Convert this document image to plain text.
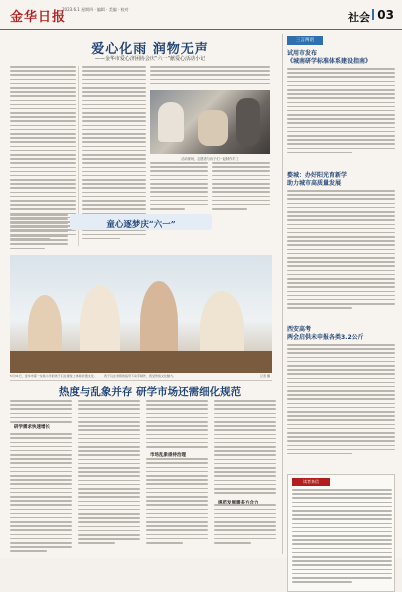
金华日报
2023.6.1 星期四 · 编辑 · 美编 · 校对
社会 03
爱心化雨 润物无声
——金华市爱心济困协会庆“六一”献爱心活动小记
活动现场，志愿者与孩子们一起制作手工
童心逐梦庆“六一”
5月31日，金华市第一实验小学的孩子们在课堂上体验非遗文化。	孩子们在老师的指导下动手制作，感受传统文化魅力。	记者 摄
热度与乱象并存 研学市场还需细化规范
研学需求快速增长
市场乱象亟待治理
三言两语
试用市发布
《城南研学标准体系建设指南》
婺城：办好阳光育新学
助力城市高质量发展
西安高考
两会启供未申报各类3.2公斤
读者来信
